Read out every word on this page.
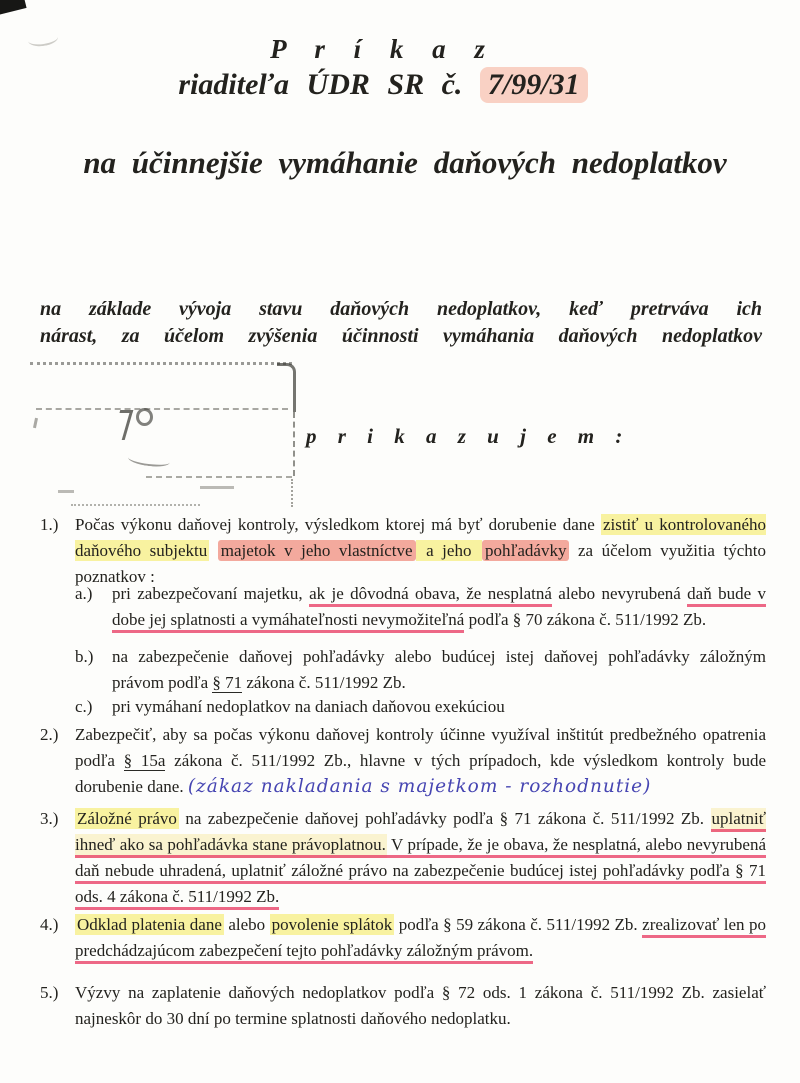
P r í k a z
riaditeľa ÚDR SR č. 7/99/31
na účinnejšie vymáhanie daňových nedoplatkov
na základe vývoja stavu daňových nedoplatkov, keď pretrváva ich
nárast, za účelom zvýšenia účinnosti vymáhania daňových nedoplatkov
p r i k a z u j e m :
1.) Počas výkonu daňovej kontroly, výsledkom ktorej má byť dorubenie dane zistiť u kontrolovaného daňového subjektu majetok v jeho vlastníctve a jeho pohľadávky za účelom využitia týchto poznatkov :
a.) pri zabezpečovaní majetku, ak je dôvodná obava, že nesplatná alebo nevyrubená daň bude v dobe jej splatnosti a vymáhateľnosti nevymožiteľná podľa § 70 zákona č. 511/1992 Zb.
b.) na zabezpečenie daňovej pohľadávky alebo budúcej istej daňovej pohľadávky záložným právom podľa § 71 zákona č. 511/1992 Zb.
c.) pri vymáhaní nedoplatkov na daniach daňovou exekúciou
2.) Zabezpečiť, aby sa počas výkonu daňovej kontroly účinne využíval inštitút predbežného opatrenia podľa § 15a zákona č. 511/1992 Zb., hlavne v tých prípadoch, kde výsledkom kontroly bude dorubenie dane. (zákaz nakladania s majetkom - rozhodnutie)
3.) Záložné právo na zabezpečenie daňovej pohľadávky podľa § 71 zákona č. 511/1992 Zb. uplatniť ihneď ako sa pohľadávka stane právoplatnou. V prípade, že je obava, že nesplatná, alebo nevyrubená daň nebude uhradená, uplatniť záložné právo na zabezpečenie budúcej istej pohľadávky podľa § 71 ods. 4 zákona č. 511/1992 Zb.
4.) Odklad platenia dane alebo povolenie splátok podľa § 59 zákona č. 511/1992 Zb. zrealizovať len po predchádzajúcom zabezpečení tejto pohľadávky záložným právom.
5.) Výzvy na zaplatenie daňových nedoplatkov podľa § 72 ods. 1 zákona č. 511/1992 Zb. zasielať najneskôr do 30 dní po termine splatnosti daňového nedoplatku.
